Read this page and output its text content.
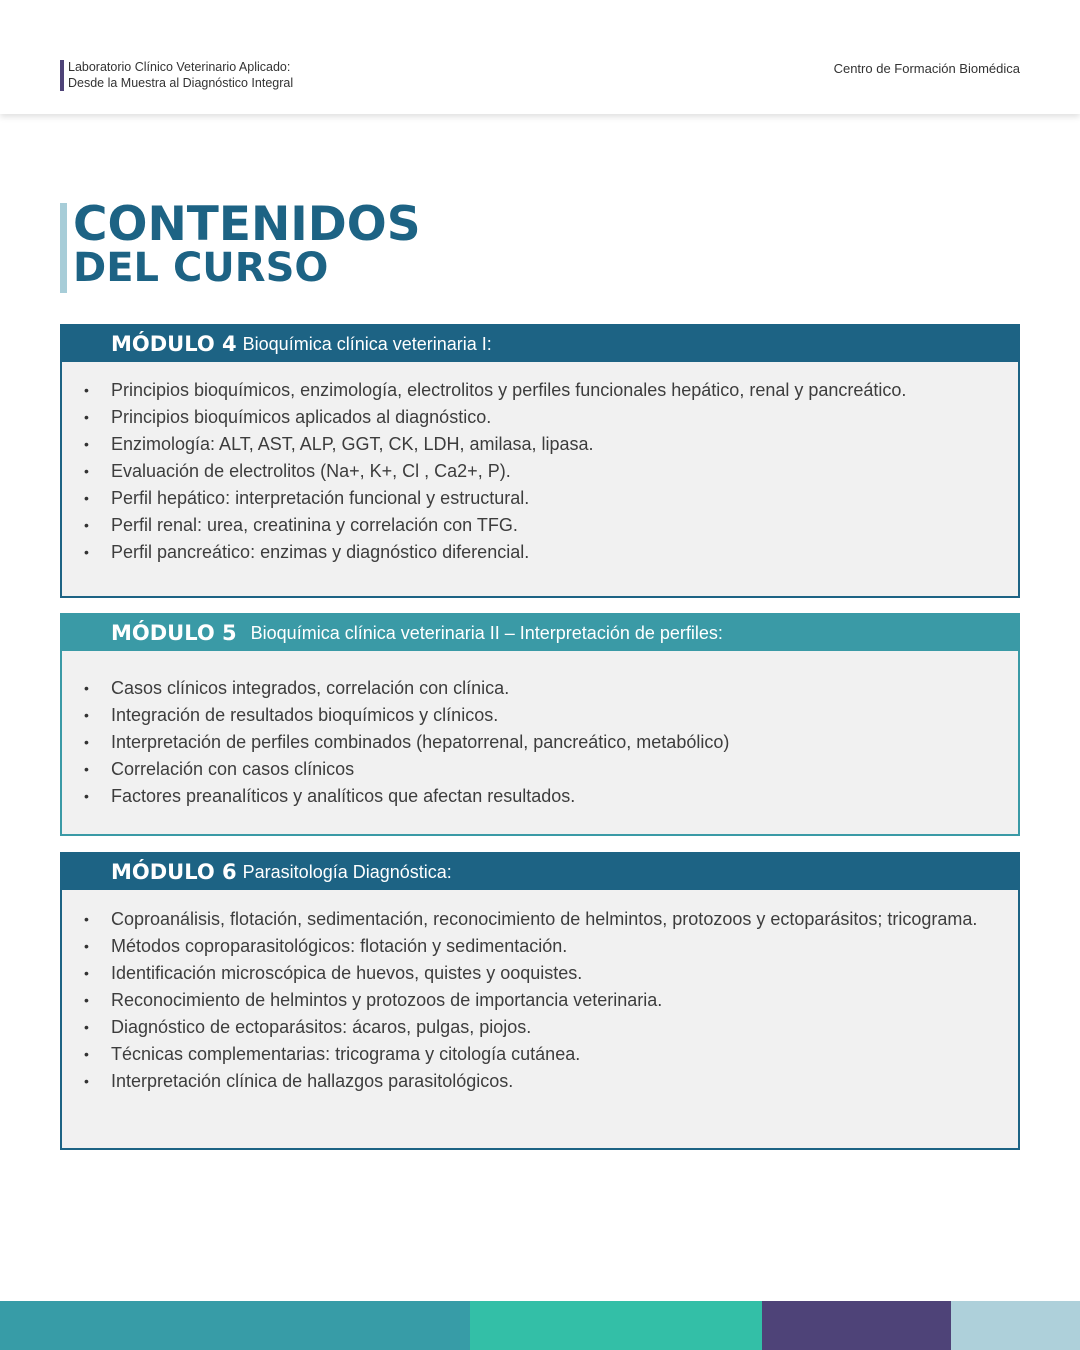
Laboratorio Clínico Veterinario Aplicado:
Desde la Muestra al Diagnóstico Integral
Centro de Formación Biomédica
CONTENIDOS
DEL CURSO
MÓDULO 4 Bioquímica clínica veterinaria I:
• Principios bioquímicos, enzimología, electrolitos y perfiles funcionales hepático, renal y pancreático.
• Principios bioquímicos aplicados al diagnóstico.
• Enzimología: ALT, AST, ALP, GGT, CK, LDH, amilasa, lipasa.
• Evaluación de electrolitos (Na+, K+, Cl , Ca2+, P).
• Perfil hepático: interpretación funcional y estructural.
• Perfil renal: urea, creatinina y correlación con TFG.
• Perfil pancreático: enzimas y diagnóstico diferencial.
MÓDULO 5 Bioquímica clínica veterinaria II – Interpretación de perfiles:
• Casos clínicos integrados, correlación con clínica.
• Integración de resultados bioquímicos y clínicos.
• Interpretación de perfiles combinados (hepatorrenal, pancreático, metabólico)
• Correlación con casos clínicos
• Factores preanalíticos y analíticos que afectan resultados.
MÓDULO 6 Parasitología Diagnóstica:
• Coproanálisis, flotación, sedimentación, reconocimiento de helmintos, protozoos y ectoparásitos; tricograma.
• Métodos coproparasitológicos: flotación y sedimentación.
• Identificación microscópica de huevos, quistes y ooquistes.
• Reconocimiento de helmintos y protozoos de importancia veterinaria.
• Diagnóstico de ectoparásitos: ácaros, pulgas, piojos.
• Técnicas complementarias: tricograma y citología cutánea.
• Interpretación clínica de hallazgos parasitológicos.
